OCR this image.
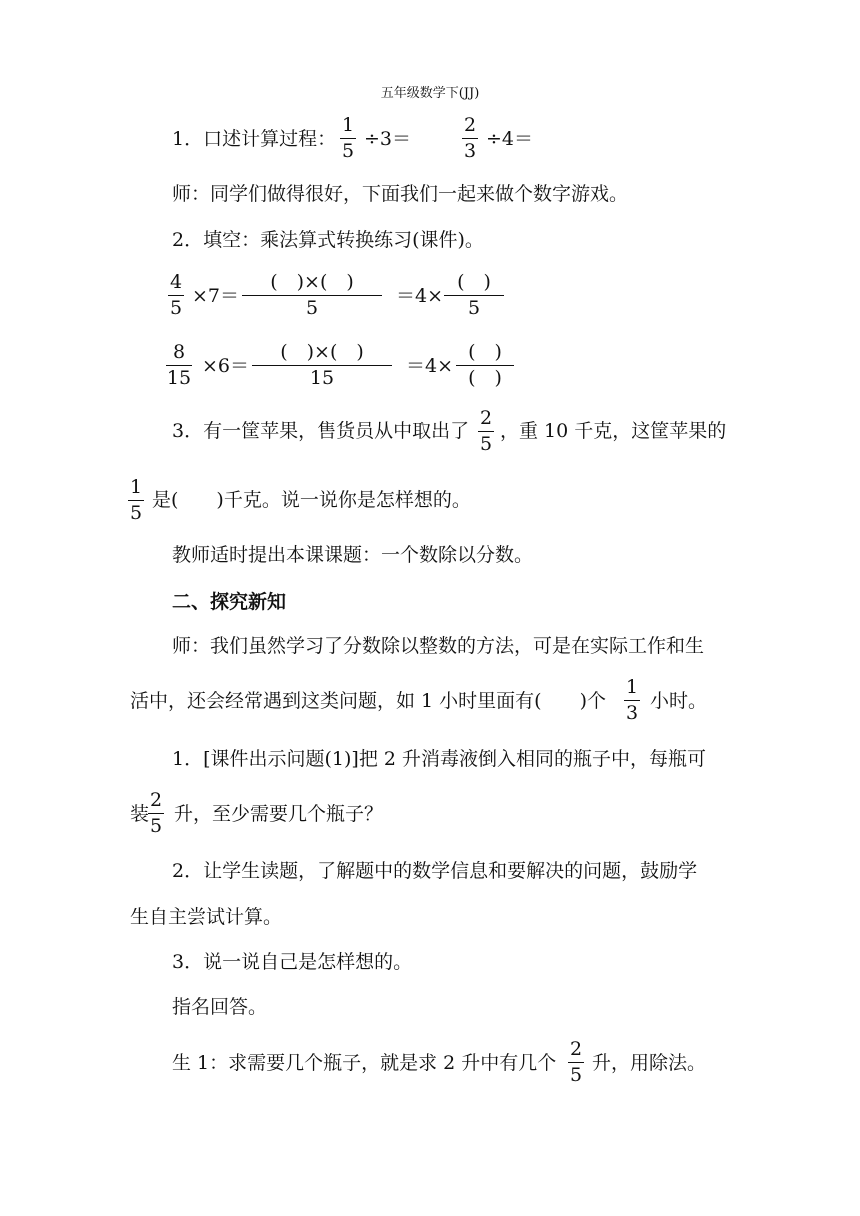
五年级数学下(JJ)
1．口述计算过程：
1
5
÷3＝
2
3
÷4＝
师：同学们做得很好，下面我们一起来做个数字游戏。
2．填空：乘法算式转换练习(课件)。
4
5
×7＝
(　)×(　)
5
＝4×
(　)
5
8
15
×6＝
(　)×(　)
15
＝4×
(　)
(　)
3．有一筐苹果，售货员从中取出了
2
5
，重 10 千克，这筐苹果的
1
5
是(　　)千克。说一说你是怎样想的。
教师适时提出本课课题：一个数除以分数。
二、探究新知
师：我们虽然学习了分数除以整数的方法，可是在实际工作和生
活中，还会经常遇到这类问题，如 1 小时里面有(　　)个
1
3
小时。
1．[课件出示问题(1)]把 2 升消毒液倒入相同的瓶子中，每瓶可
装
2
5
升，至少需要几个瓶子？
2．让学生读题，了解题中的数学信息和要解决的问题，鼓励学
生自主尝试计算。
3．说一说自己是怎样想的。
指名回答。
生 1：求需要几个瓶子，就是求 2 升中有几个
2
5
升，用除法。
